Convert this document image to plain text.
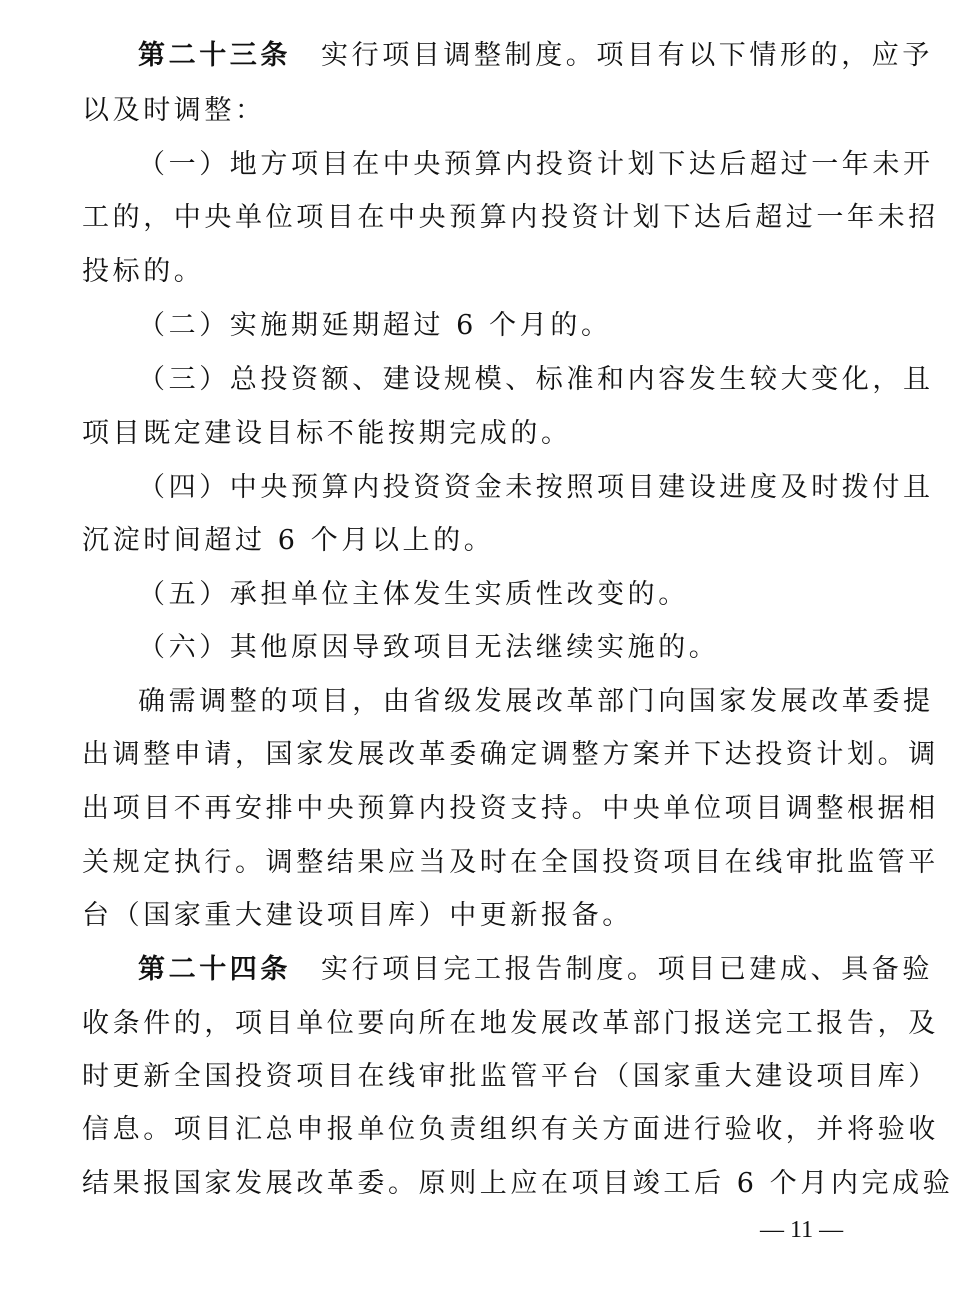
第二十三条 实行项目调整制度。项目有以下情形的，应予
以及时调整：
（一）地方项目在中央预算内投资计划下达后超过一年未开
工的，中央单位项目在中央预算内投资计划下达后超过一年未招
投标的。
（二）实施期延期超过 6 个月的。
（三）总投资额、建设规模、标准和内容发生较大变化，且
项目既定建设目标不能按期完成的。
（四）中央预算内投资资金未按照项目建设进度及时拨付且
沉淀时间超过 6 个月以上的。
（五）承担单位主体发生实质性改变的。
（六）其他原因导致项目无法继续实施的。
确需调整的项目，由省级发展改革部门向国家发展改革委提
出调整申请，国家发展改革委确定调整方案并下达投资计划。调
出项目不再安排中央预算内投资支持。中央单位项目调整根据相
关规定执行。调整结果应当及时在全国投资项目在线审批监管平
台（国家重大建设项目库）中更新报备。
第二十四条 实行项目完工报告制度。项目已建成、具备验
收条件的，项目单位要向所在地发展改革部门报送完工报告，及
时更新全国投资项目在线审批监管平台（国家重大建设项目库）
信息。项目汇总申报单位负责组织有关方面进行验收，并将验收
结果报国家发展改革委。原则上应在项目竣工后 6 个月内完成验
— 11 —
